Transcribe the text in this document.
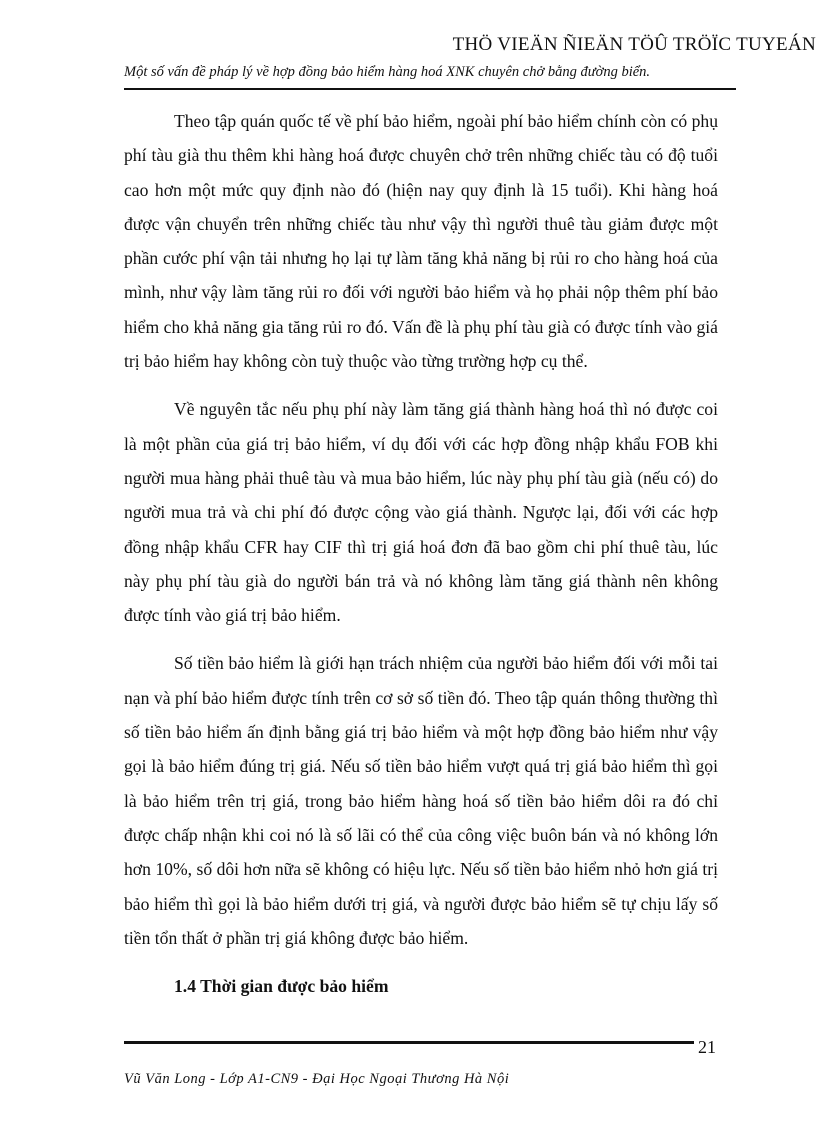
THÖ VIEÄN ÑIEÄN TÖÛ TRÖÏC TUYEÁN
Một số vấn đề pháp lý về hợp đồng bảo hiểm hàng hoá XNK chuyên chở bằng đường biển.

Theo tập quán quốc tế về phí bảo hiểm, ngoài phí bảo hiểm chính còn có phụ phí tàu già thu thêm khi hàng hoá được chuyên chở trên những chiếc tàu có độ tuổi cao hơn một mức quy định nào đó (hiện nay quy định là 15 tuổi). Khi hàng hoá được vận chuyển trên những chiếc tàu như vậy thì người thuê tàu giảm được một phần cước phí vận tải nhưng họ lại tự làm tăng khả năng bị rủi ro cho hàng hoá của mình, như vậy làm tăng rủi ro đối với người bảo hiểm và họ phải nộp thêm phí bảo hiểm cho khả năng gia tăng rủi ro đó. Vấn đề là phụ phí tàu già có được tính vào giá trị bảo hiểm hay không còn tuỳ thuộc vào từng trường hợp cụ thể.

Về nguyên tắc nếu phụ phí này làm tăng giá thành hàng hoá thì nó được coi là một phần của giá trị bảo hiểm, ví dụ đối với các hợp đồng nhập khẩu FOB khi người mua hàng phải thuê tàu và mua bảo hiểm, lúc này phụ phí tàu già (nếu có) do người mua trả và chi phí đó được cộng vào giá thành. Ngược lại, đối với các hợp đồng nhập khẩu CFR hay CIF thì trị giá hoá đơn đã bao gồm chi phí thuê tàu, lúc này phụ phí tàu già do người bán trả và nó không làm tăng giá thành nên không được tính vào giá trị bảo hiểm.

Số tiền bảo hiểm là giới hạn trách nhiệm của người bảo hiểm đối với mỗi tai nạn và phí bảo hiểm được tính trên cơ sở số tiền đó. Theo tập quán thông thường thì số tiền bảo hiểm ấn định bằng giá trị bảo hiểm và một hợp đồng bảo hiểm như vậy gọi là bảo hiểm đúng trị giá. Nếu số tiền bảo hiểm vượt quá trị giá bảo hiểm thì gọi là bảo hiểm trên trị giá, trong bảo hiểm hàng hoá số tiền bảo hiểm dôi ra đó chỉ được chấp nhận khi coi nó là số lãi có thể của công việc buôn bán và nó không lớn hơn 10%, số dôi hơn nữa sẽ không có hiệu lực. Nếu số tiền bảo hiểm nhỏ hơn giá trị bảo hiểm thì gọi là bảo hiểm dưới trị giá, và người được bảo hiểm sẽ tự chịu lấy số tiền tổn thất ở phần trị giá không được bảo hiểm.

1.4 Thời gian được bảo hiểm
21
Vũ Văn Long - Lớp A1-CN9 - Đại Học Ngoại Thương Hà Nội
